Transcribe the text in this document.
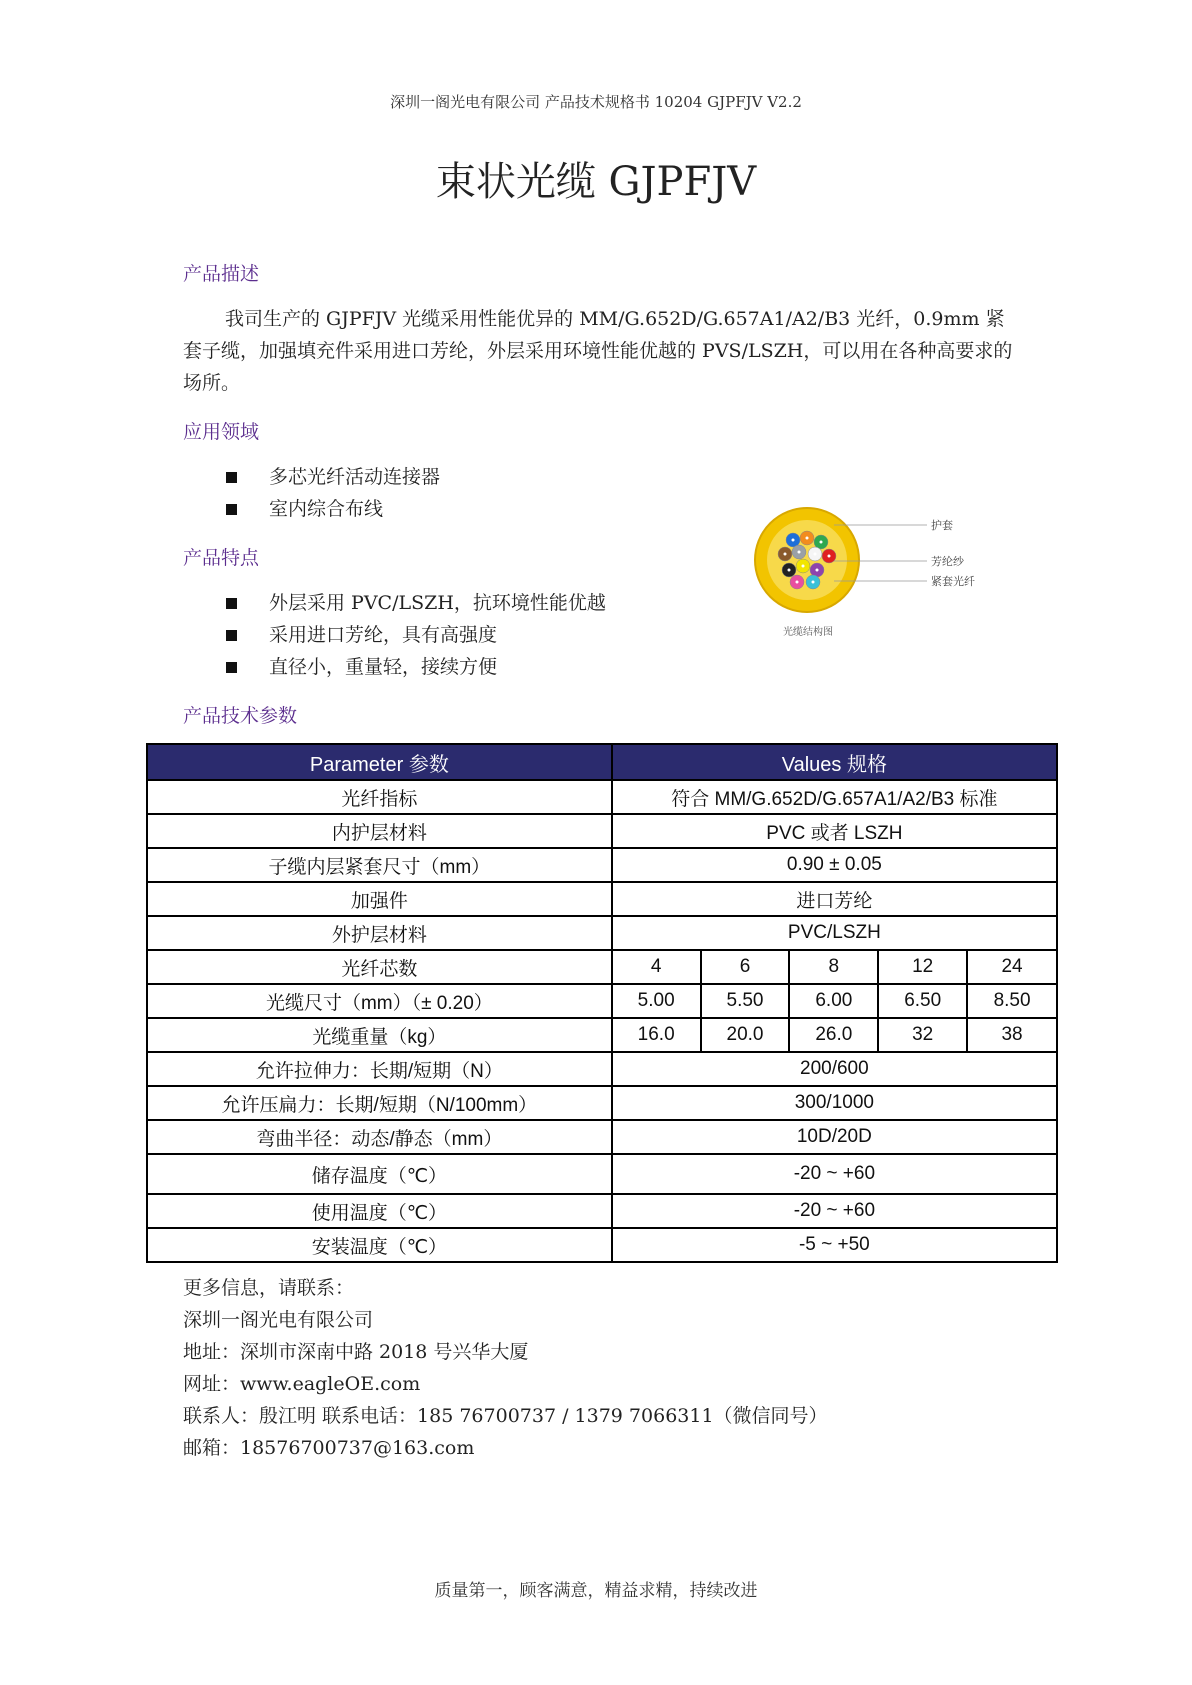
深圳一阁光电有限公司 产品技术规格书 10204 GJPFJV V2.2
束状光缆 GJPFJV
产品描述

我司生产的 GJPFJV 光缆采用性能优异的 MM/G.652D/G.657A1/A2/B3 光纤，0.9mm 紧套子缆，加强填充件采用进口芳纶，外层采用环境性能优越的 PVS/LSZH，可以用在各种高要求的场所。

应用领域
多芯光纤活动连接器
室内综合布线
产品特点
外层采用 PVC/LSZH，抗环境性能优越
采用进口芳纶，具有高强度
直径小，重量轻，接续方便
产品技术参数
护套
芳纶纱
紧套光纤
光缆结构图
Parameter 参数	Values 规格				
光纤指标	符合 MM/G.652D/G.657A1/A2/B3 标准				
内护层材料	PVC 或者 LSZH				
子缆内层紧套尺寸（mm）	0.90 ± 0.05				
加强件	进口芳纶				
外护层材料	PVC/LSZH				
光纤芯数	4	6	8	12	24
光缆尺寸（mm）（± 0.20）	5.00	5.50	6.00	6.50	8.50
光缆重量（kg）	16.0	20.0	26.0	32	38
允许拉伸力：长期/短期（N）	200/600				
允许压扁力：长期/短期（N/100mm）	300/1000				
弯曲半径：动态/静态（mm）	10D/20D				
储存温度（℃）	-20 ~ +60				
使用温度（℃）	-20 ~ +60				
安装温度（℃）	-5 ~ +50				
更多信息，请联系：
深圳一阁光电有限公司
地址：深圳市深南中路 2018 号兴华大厦
网址：www.eagleOE.com
联系人：殷江明 联系电话：185 76700737 / 1379 7066311（微信同号）
邮箱：18576700737@163.com
质量第一，顾客满意，精益求精，持续改进
